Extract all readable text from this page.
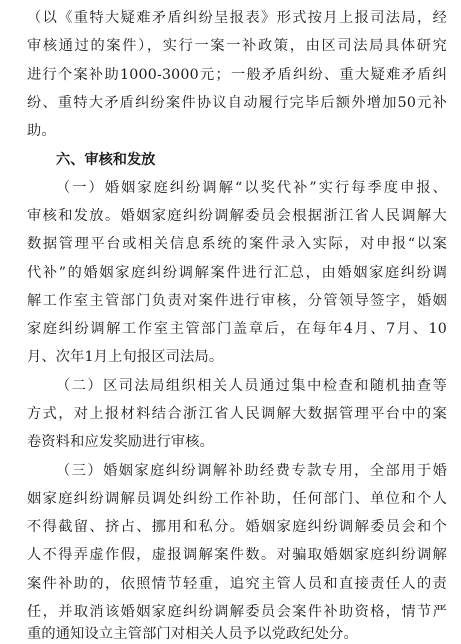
（以《重特大疑难矛盾纠纷呈报表》形式按月上报司法局，经
审核通过的案件），实行一案一补政策，由区司法局具体研究
进行个案补助1000-3000元；一般矛盾纠纷、重大疑难矛盾纠
纷、重特大矛盾纠纷案件协议自动履行完毕后额外增加50元补
助。
六、审核和发放
（一）婚姻家庭纠纷调解“以奖代补”实行每季度申报、
审核和发放。婚姻家庭纠纷调解委员会根据浙江省人民调解大
数据管理平台或相关信息系统的案件录入实际，对申报“以案
代补”的婚姻家庭纠纷调解案件进行汇总，由婚姻家庭纠纷调
解工作室主管部门负责对案件进行审核，分管领导签字，婚姻
家庭纠纷调解工作室主管部门盖章后，在每年4月、7月、10
月、次年1月上旬报区司法局。
（二）区司法局组织相关人员通过集中检查和随机抽查等
方式，对上报材料结合浙江省人民调解大数据管理平台中的案
卷资料和应发奖励进行审核。
（三）婚姻家庭纠纷调解补助经费专款专用，全部用于婚
姻家庭纠纷调解员调处纠纷工作补助，任何部门、单位和个人
不得截留、挤占、挪用和私分。婚姻家庭纠纷调解委员会和个
人不得弄虚作假，虚报调解案件数。对骗取婚姻家庭纠纷调解
案件补助的，依照情节轻重，追究主管人员和直接责任人的责
任，并取消该婚姻家庭纠纷调解委员会案件补助资格，情节严
重的通知设立主管部门对相关人员予以党政纪处分。
